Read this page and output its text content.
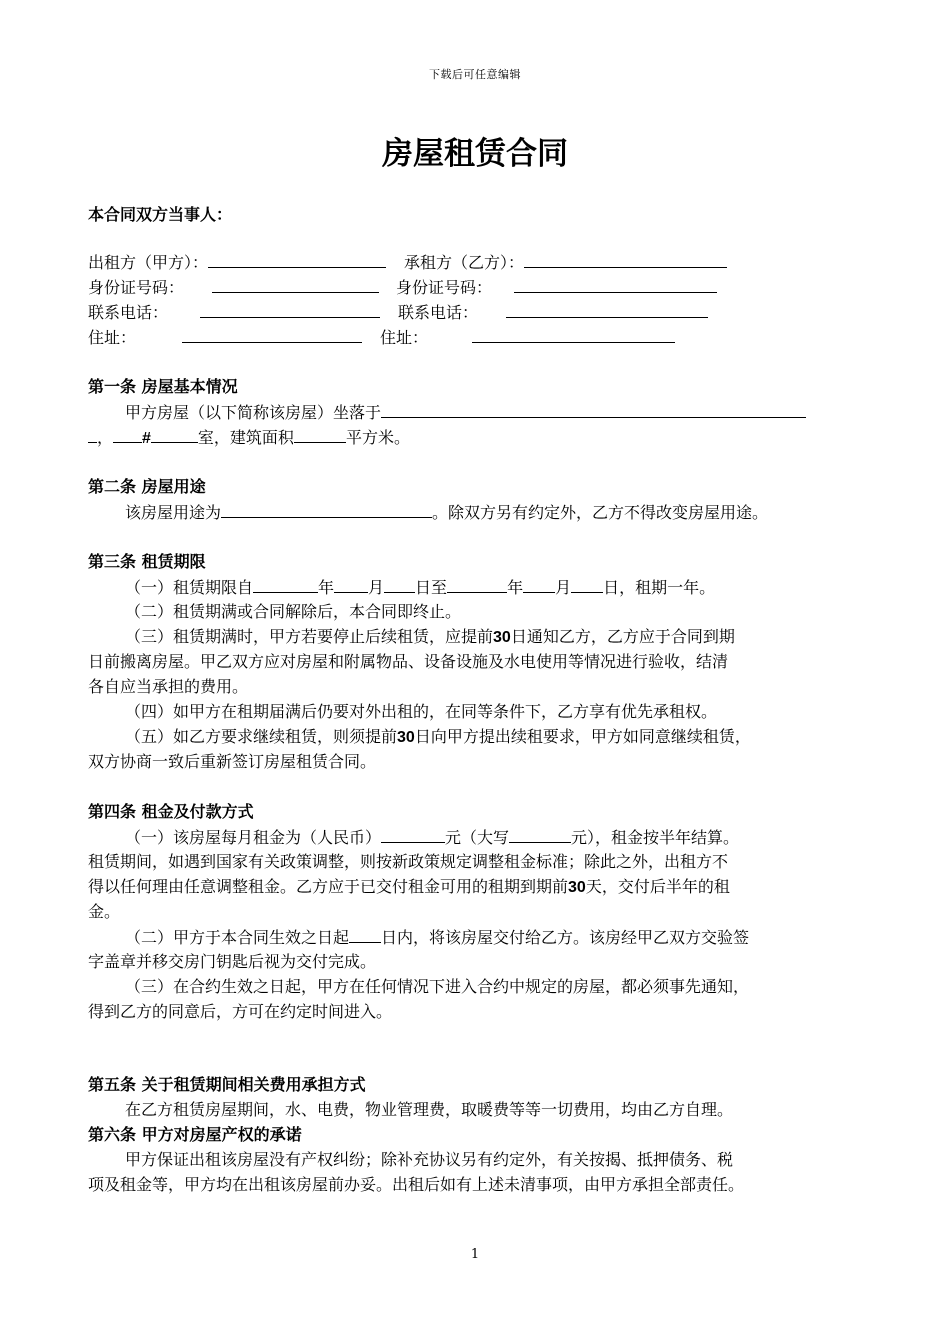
下载后可任意编辑
房屋租赁合同
本合同双方当事人：
出租方（甲方）：	承租方（乙方）：
身份证号码：	身份证号码：
联系电话：	联系电话：
住址：	住址：
第一条 房屋基本情况
甲方房屋（以下简称该房屋）坐落于
， #	室，建筑面积	平方米。
第二条 房屋用途
该房屋用途为	。除双方另有约定外，乙方不得改变房屋用途。
第三条 租赁期限
（一）租赁期限自	年 月 日至	年 月 日，租期一年。
（二）租赁期满或合同解除后，本合同即终止。
（三）租赁期满时，甲方若要停止后续租赁，应提前30日通知乙方，乙方应于合同到期
日前搬离房屋。甲乙双方应对房屋和附属物品、设备设施及水电使用等情况进行验收，结清
各自应当承担的费用。
（四）如甲方在租期届满后仍要对外出租的，在同等条件下，乙方享有优先承租权。
（五）如乙方要求继续租赁，则须提前30日向甲方提出续租要求，甲方如同意继续租赁，
双方协商一致后重新签订房屋租赁合同。
第四条 租金及付款方式
（一）该房屋每月租金为（人民币）	元（大写	元），租金按半年结算。
租赁期间，如遇到国家有关政策调整，则按新政策规定调整租金标准；除此之外，出租方不
得以任何理由任意调整租金。乙方应于已交付租金可用的租期到期前30天，交付后半年的租
金。
（二）甲方于本合同生效之日起 日内，将该房屋交付给乙方。该房经甲乙双方交验签
字盖章并移交房门钥匙后视为交付完成。
（三）在合约生效之日起，甲方在任何情况下进入合约中规定的房屋，都必须事先通知，
得到乙方的同意后，方可在约定时间进入。
第五条 关于租赁期间相关费用承担方式
在乙方租赁房屋期间，水、电费，物业管理费，取暖费等等一切费用，均由乙方自理。
第六条 甲方对房屋产权的承诺
甲方保证出租该房屋没有产权纠纷；除补充协议另有约定外，有关按揭、抵押债务、税
项及租金等，甲方均在出租该房屋前办妥。出租后如有上述未清事项，由甲方承担全部责任。
1
